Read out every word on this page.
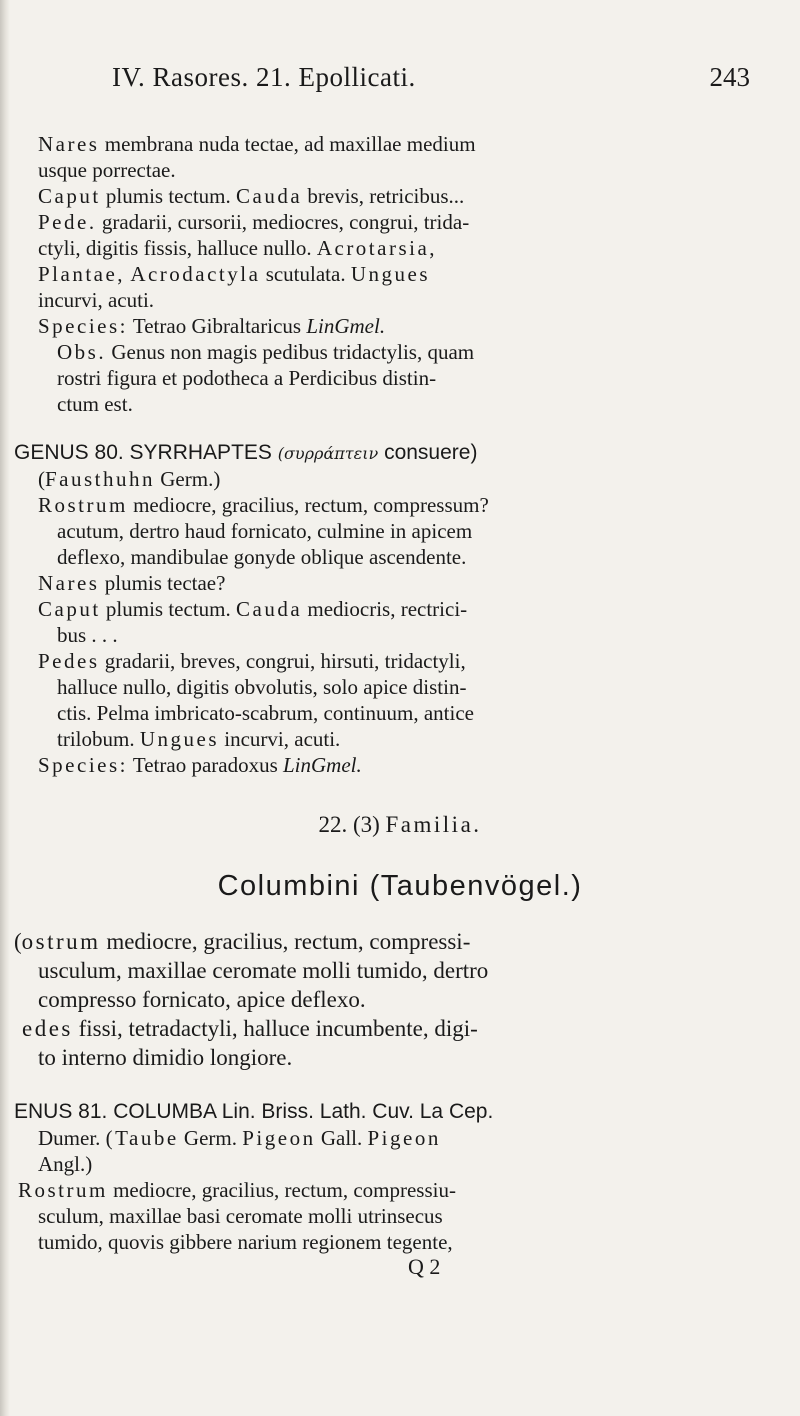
IV. Rasores. 21. Epollicati.	243
Nares membrana nuda tectae, ad maxillae medium
usque porrectae.
Caput plumis tectum. Cauda brevis, retricibus...
Pede. gradarii, cursorii, mediocres, congrui, trida-
ctyli, digitis fissis, halluce nullo. Acrotarsia,
Plantae, Acrodactyla scutulata. Ungues
incurvi, acuti.
Species: Tetrao Gibraltaricus LinGmel.
Obs. Genus non magis pedibus tridactylis, quam
rostri figura et podotheca a Perdicibus distin-
ctum est.
GENUS 80. SYRRHAPTES (συρράπτειν consuere)
(Fausthuhn Germ.)
Rostrum mediocre, gracilius, rectum, compressum?
acutum, dertro haud fornicato, culmine in apicem
deflexo, mandibulae gonyde oblique ascendente.
Nares plumis tectae?
Caput plumis tectum. Cauda mediocris, rectrici-
bus . . .
Pedes gradarii, breves, congrui, hirsuti, tridactyli,
halluce nullo, digitis obvolutis, solo apice distin-
ctis. Pelma imbricato-scabrum, continuum, antice
trilobum. Ungues incurvi, acuti.
Species: Tetrao paradoxus LinGmel.
22. (3) Familia.
Columbini (Taubenvögel.)
(ostrum mediocre, gracilius, rectum, compressi-
usculum, maxillae ceromate molli tumido, dertro
compresso fornicato, apice deflexo.
edes fissi, tetradactyli, halluce incumbente, digi-
to interno dimidio longiore.
ENUS 81. COLUMBA Lin. Briss. Lath. Cuv. La Cep.
Dumer. (Taube Germ. Pigeon Gall. Pigeon
Angl.)
Rostrum mediocre, gracilius, rectum, compressiu-
sculum, maxillae basi ceromate molli utrinsecus
tumido, quovis gibbere narium regionem tegente,
Q 2
